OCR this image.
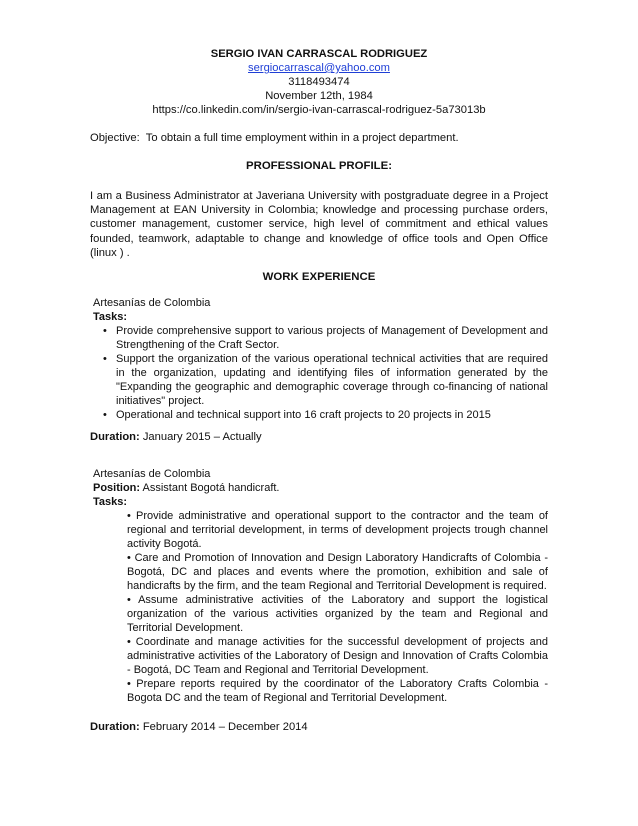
SERGIO IVAN CARRASCAL RODRIGUEZ
sergiocarrascal@yahoo.com
3118493474
November 12th, 1984
https://co.linkedin.com/in/sergio-ivan-carrascal-rodriguez-5a73013b
Objective: To obtain a full time employment within in a project department.
PROFESSIONAL PROFILE:
I am a Business Administrator at Javeriana University with postgraduate degree in a Project Management at EAN University in Colombia; knowledge and processing purchase orders, customer management, customer service, high level of commitment and ethical values founded, teamwork, adaptable to change and knowledge of office tools and Open Office (linux ) .
WORK EXPERIENCE
Artesanías de Colombia
Tasks:
• Provide comprehensive support to various projects of Management of Development and Strengthening of the Craft Sector.
• Support the organization of the various operational technical activities that are required in the organization, updating and identifying files of information generated by the "Expanding the geographic and demographic coverage through co-financing of national initiatives" project.
• Operational and technical support into 16 craft projects to 20 projects in 2015
Duration: January 2015 – Actually
Artesanías de Colombia
Position: Assistant Bogotá handicraft.
Tasks:

• Provide administrative and operational support to the contractor and the team of regional and territorial development, in terms of development projects trough channel activity Bogotá.

• Care and Promotion of Innovation and Design Laboratory Handicrafts of Colombia - Bogotá, DC and places and events where the promotion, exhibition and sale of handicrafts by the firm, and the team Regional and Territorial Development is required.

• Assume administrative activities of the Laboratory and support the logistical organization of the various activities organized by the team and Regional and Territorial Development.

• Coordinate and manage activities for the successful development of projects and administrative activities of the Laboratory of Design and Innovation of Crafts Colombia - Bogotá, DC Team and Regional and Territorial Development.

• Prepare reports required by the coordinator of the Laboratory Crafts Colombia - Bogota DC and the team of Regional and Territorial Development.

Duration: February 2014 – December 2014
